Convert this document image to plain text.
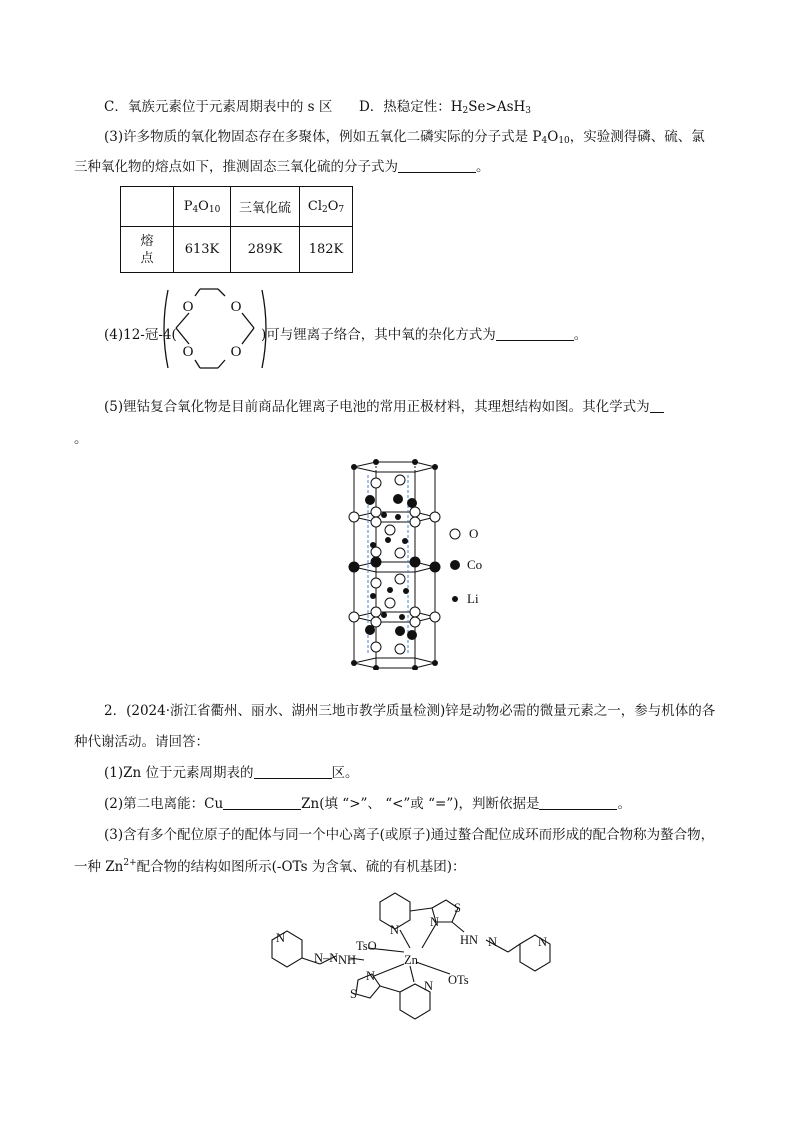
C．氧族元素位于元素周期表中的 s 区 D．热稳定性：$H_2Se>AsH_3$
(3)许多物质的氧化物固态存在多聚体，例如五氧化二磷实际的分子式是 $P_4O_{10}$，实验测得磷、硫、氯
三种氧化物的熔点如下，推测固态三氧化硫的分子式为	。
	$P_4O_{10}$	三氧化硫	$Cl_2O_7$
熔
点	613K	289K	182K
(4)12-冠-4(
O O
O O
)可与锂离子络合，其中氧的杂化方式为	。
(5)锂钴复合氧化物是目前商品化锂离子电池的常用正极材料，其理想结构如图。其化学式为
。
O
Co
Li
2．(2024·浙江省衢州、丽水、湖州三地市教学质量检测)锌是动物必需的微量元素之一，参与机体的各
种代谢活动。请回答：
(1)Zn 位于元素周期表的	区。
(2)第二电离能：Cu	Zn(填 “>”、 “<”或 “=”)，判断依据是	。
(3)含有多个配位原子的配体与同一个中心离子(或原子)通过螯合配位成环而形成的配合物称为螯合物，
一种 $Zn^{2+}$配合物的结构如图所示(-OTs 为含氧、硫的有机基团)：
TsO
Zn
OTs
NH
HN
N
N	N
N
N
N
S
S
N–N
N
